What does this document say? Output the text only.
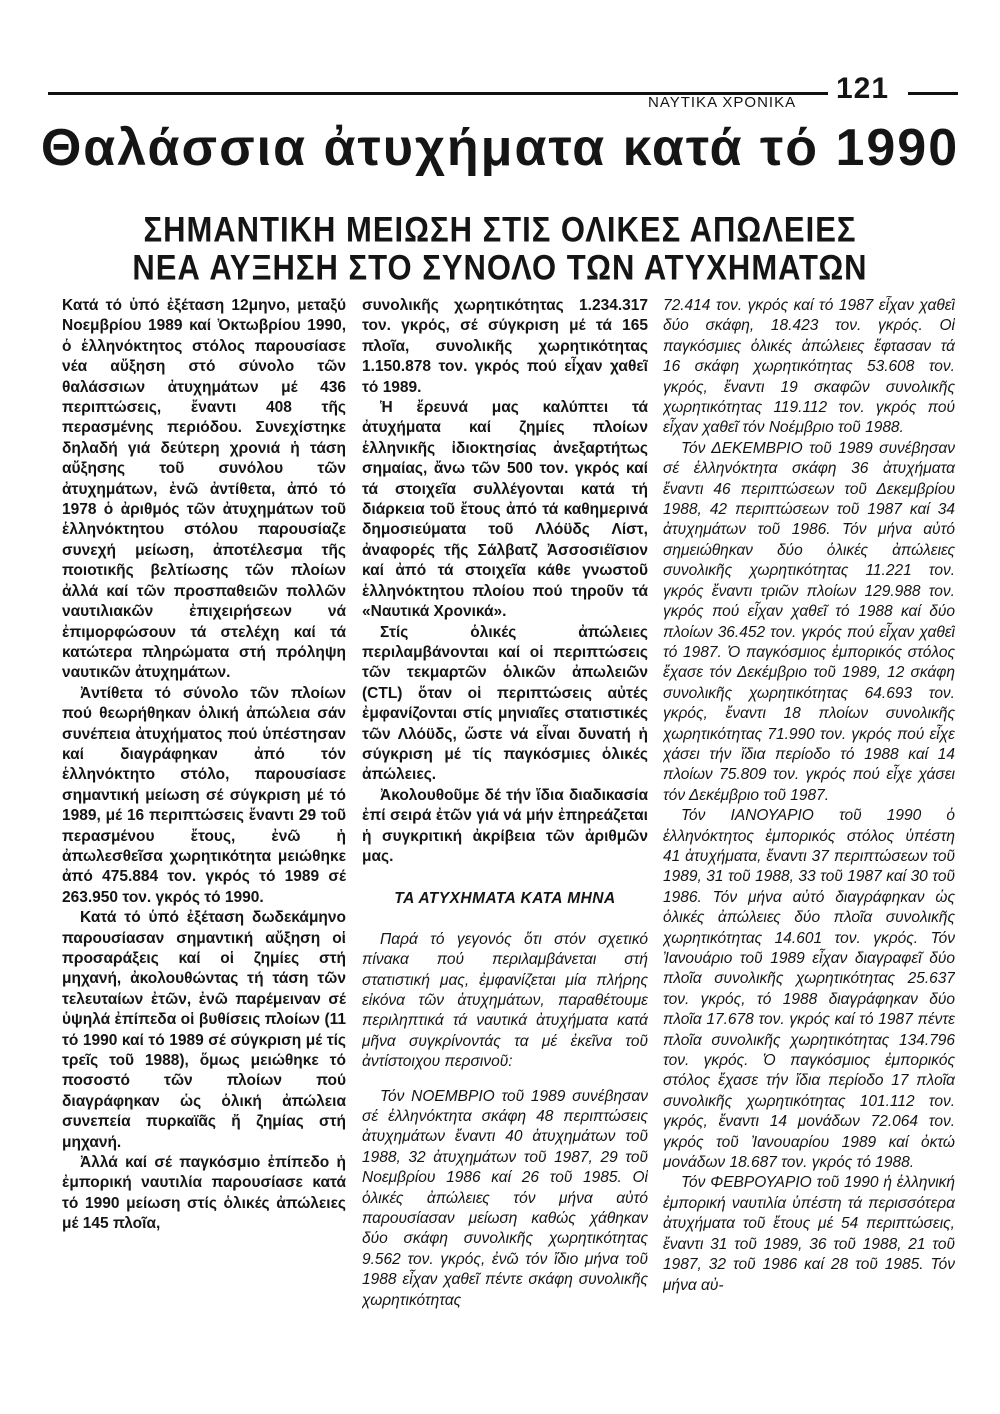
ΝΑΥΤΙΚΑ ΧΡΟΝΙΚΑ 121
Θαλάσσια ἀτυχήματα κατά τό 1990
ΣΗΜΑΝΤΙΚΗ ΜΕΙΩΣΗ ΣΤΙΣ ΟΛΙΚΕΣ ΑΠΩΛΕΙΕΣ
ΝΕΑ ΑΥΞΗΣΗ ΣΤΟ ΣΥΝΟΛΟ ΤΩΝ ΑΤΥΧΗΜΑΤΩΝ

Κατά τό ὑπό ἐξέταση 12μηνο, μεταξύ Νοεμβρίου 1989 καί Ὀκτωβρίου 1990, ὁ ἑλληνόκτητος στόλος παρουσίασε νέα αὔξηση στό σύνολο τῶν θαλάσσιων ἀτυχημάτων μέ 436 περιπτώσεις, ἔναντι 408 τῆς περασμένης περιόδου. Συνεχίστηκε δηλαδή γιά δεύτερη χρονιά ἡ τάση αὔξησης τοῦ συνόλου τῶν ἀτυχημάτων, ἐνῶ ἀντίθετα, ἀπό τό 1978 ὁ ἀριθμός τῶν ἀτυχημάτων τοῦ ἑλληνόκτητου στόλου παρουσίαζε συνεχή μείωση, ἀποτέλεσμα τῆς ποιοτικῆς βελτίωσης τῶν πλοίων ἀλλά καί τῶν προσπαθειῶν πολλῶν ναυτιλιακῶν ἐπιχειρήσεων νά ἐπιμορφώσουν τά στελέχη καί τά κατώτερα πληρώματα στή πρόληψη ναυτικῶν ἀτυχημάτων.

Ἀντίθετα τό σύνολο τῶν πλοίων πού θεωρήθηκαν ὁλική ἀπώλεια σάν συνέπεια ἀτυχήματος πού ὑπέστησαν καί διαγράφηκαν ἀπό τόν ἑλληνόκτητο στόλο, παρουσίασε σημαντική μείωση σέ σύγκριση μέ τό 1989, μέ 16 περιπτώσεις ἔναντι 29 τοῦ περασμένου ἔτους, ἐνῶ ἡ ἀπωλεσθεῖσα χωρητικότητα μειώθηκε ἀπό 475.884 τον. γκρός τό 1989 σέ 263.950 τον. γκρός τό 1990.

Κατά τό ὑπό ἐξέταση δωδεκάμηνο παρουσίασαν σημαντική αὔξηση οἱ προσαράξεις καί οἱ ζημίες στή μηχανή, ἀκολουθώντας τή τάση τῶν τελευταίων ἐτῶν, ἐνῶ παρέμειναν σέ ὑψηλά ἐπίπεδα οἱ βυθίσεις πλοίων (11 τό 1990 καί τό 1989 σέ σύγκριση μέ τίς τρεῖς τοῦ 1988), ὅμως μειώθηκε τό ποσοστό τῶν πλοίων πού διαγράφηκαν ὡς ὁλική ἀπώλεια συνεπεία πυρκαϊᾶς ἤ ζημίας στή μηχανή.

Ἀλλά καί σέ παγκόσμιο ἐπίπεδο ἡ ἐμπορική ναυτιλία παρουσίασε κατά τό 1990 μείωση στίς ὁλικές ἀπώλειες μέ 145 πλοῖα,

συνολικῆς χωρητικότητας 1.234.317 τον. γκρός, σέ σύγκριση μέ τά 165 πλοῖα, συνολικῆς χωρητικότητας 1.150.878 τον. γκρός πού εἶχαν χαθεῖ τό 1989.

Ἡ ἔρευνά μας καλύπτει τά ἀτυχήματα καί ζημίες πλοίων ἑλληνικῆς ἰδιοκτησίας ἀνεξαρτήτως σημαίας, ἄνω τῶν 500 τον. γκρός καί τά στοιχεῖα συλλέγονται κατά τή διάρκεια τοῦ ἔτους ἀπό τά καθημερινά δημοσιεύματα τοῦ Λλόϋδς Λίστ, ἀναφορές τῆς Σάλβατζ Ἀσσοσιέϊσιον καί ἀπό τά στοιχεῖα κάθε γνωστοῦ ἑλληνόκτητου πλοίου πού τηροῦν τά «Ναυτικά Χρονικά».

Στίς ὁλικές ἀπώλειες περιλαμβάνονται καί οἱ περιπτώσεις τῶν τεκμαρτῶν ὁλικῶν ἀπωλειῶν (CTL) ὅταν οἱ περιπτώσεις αὐτές ἐμφανίζονται στίς μηνιαῖες στατιστικές τῶν Λλόϋδς, ὥστε νά εἶναι δυνατή ἡ σύγκριση μέ τίς παγκόσμιες ὁλικές ἀπώλειες.

Ἀκολουθοῦμε δέ τήν ἴδια διαδικασία ἐπί σειρά ἐτῶν γιά νά μήν ἐπηρεάζεται ἡ συγκριτική ἀκρίβεια τῶν ἀριθμῶν μας.

ΤΑ ΑΤΥΧΗΜΑΤΑ ΚΑΤΑ ΜΗΝΑ

Παρά τό γεγονός ὅτι στόν σχετικό πίνακα πού περιλαμβάνεται στή στατιστική μας, ἐμφανίζεται μία πλήρης εἰκόνα τῶν ἀτυχημάτων, παραθέτουμε περιληπτικά τά ναυτικά ἀτυχήματα κατά μῆνα συγκρίνοντάς τα μέ ἐκεῖνα τοῦ ἀντίστοιχου περσινοῦ:

Τόν ΝΟΕΜΒΡΙΟ τοῦ 1989 συνέβησαν σέ ἑλληνόκτητα σκάφη 48 περιπτώσεις ἀτυχημάτων ἔναντι 40 ἀτυχημάτων τοῦ 1988, 32 ἀτυχημάτων τοῦ 1987, 29 τοῦ Νοεμβρίου 1986 καί 26 τοῦ 1985. Οἱ ὁλικές ἀπώλειες τόν μήνα αὐτό παρουσίασαν μείωση καθώς χάθηκαν δύο σκάφη συνολικῆς χωρητικότητας 9.562 τον. γκρός, ἐνῶ τόν ἴδιο μήνα τοῦ 1988 εἶχαν χαθεῖ πέντε σκάφη συνολικῆς χωρητικότητας

72.414 τον. γκρός καί τό 1987 εἶχαν χαθεῖ δύο σκάφη, 18.423 τον. γκρός. Οἱ παγκόσμιες ὁλικές ἀπώλειες ἔφτασαν τά 16 σκάφη χωρητικότητας 53.608 τον. γκρός, ἔναντι 19 σκαφῶν συνολικῆς χωρητικότητας 119.112 τον. γκρός πού εἶχαν χαθεῖ τόν Νοέμβριο τοῦ 1988.

Τόν ΔΕΚΕΜΒΡΙΟ τοῦ 1989 συνέβησαν σέ ἑλληνόκτητα σκάφη 36 ἀτυχήματα ἔναντι 46 περιπτώσεων τοῦ Δεκεμβρίου 1988, 42 περιπτώσεων τοῦ 1987 καί 34 ἀτυχημάτων τοῦ 1986. Τόν μήνα αὐτό σημειώθηκαν δύο ὁλικές ἀπώλειες συνολικῆς χωρητικότητας 11.221 τον. γκρός ἔναντι τριῶν πλοίων 129.988 τον. γκρός πού εἶχαν χαθεῖ τό 1988 καί δύο πλοίων 36.452 τον. γκρός πού εἶχαν χαθεῖ τό 1987. Ὁ παγκόσμιος ἐμπορικός στόλος ἔχασε τόν Δεκέμβριο τοῦ 1989, 12 σκάφη συνολικῆς χωρητικότητας 64.693 τον. γκρός, ἔναντι 18 πλοίων συνολικῆς χωρητικότητας 71.990 τον. γκρός πού εἶχε χάσει τήν ἴδια περίοδο τό 1988 καί 14 πλοίων 75.809 τον. γκρός πού εἶχε χάσει τόν Δεκέμβριο τοῦ 1987.

Τόν ΙΑΝΟΥΑΡΙΟ τοῦ 1990 ὁ ἑλληνόκτητος ἐμπορικός στόλος ὑπέστη 41 ἀτυχήματα, ἔναντι 37 περιπτώσεων τοῦ 1989, 31 τοῦ 1988, 33 τοῦ 1987 καί 30 τοῦ 1986. Τόν μήνα αὐτό διαγράφηκαν ὡς ὁλικές ἀπώλειες δύο πλοῖα συνολικῆς χωρητικότητας 14.601 τον. γκρός. Τόν Ἰανουάριο τοῦ 1989 εἶχαν διαγραφεῖ δύο πλοῖα συνολικῆς χωρητικότητας 25.637 τον. γκρός, τό 1988 διαγράφηκαν δύο πλοῖα 17.678 τον. γκρός καί τό 1987 πέντε πλοῖα συνολικῆς χωρητικότητας 134.796 τον. γκρός. Ὁ παγκόσμιος ἐμπορικός στόλος ἔχασε τήν ἴδια περίοδο 17 πλοῖα συνολικῆς χωρητικότητας 101.112 τον. γκρός, ἔναντι 14 μονάδων 72.064 τον. γκρός τοῦ Ἰανουαρίου 1989 καί ὀκτώ μονάδων 18.687 τον. γκρός τό 1988.

Τόν ΦΕΒΡΟΥΑΡΙΟ τοῦ 1990 ἡ ἑλληνική ἐμπορική ναυτιλία ὑπέστη τά περισσότερα ἀτυχήματα τοῦ ἔτους μέ 54 περιπτώσεις, ἔναντι 31 τοῦ 1989, 36 τοῦ 1988, 21 τοῦ 1987, 32 τοῦ 1986 καί 28 τοῦ 1985. Τόν μήνα αὐ-
